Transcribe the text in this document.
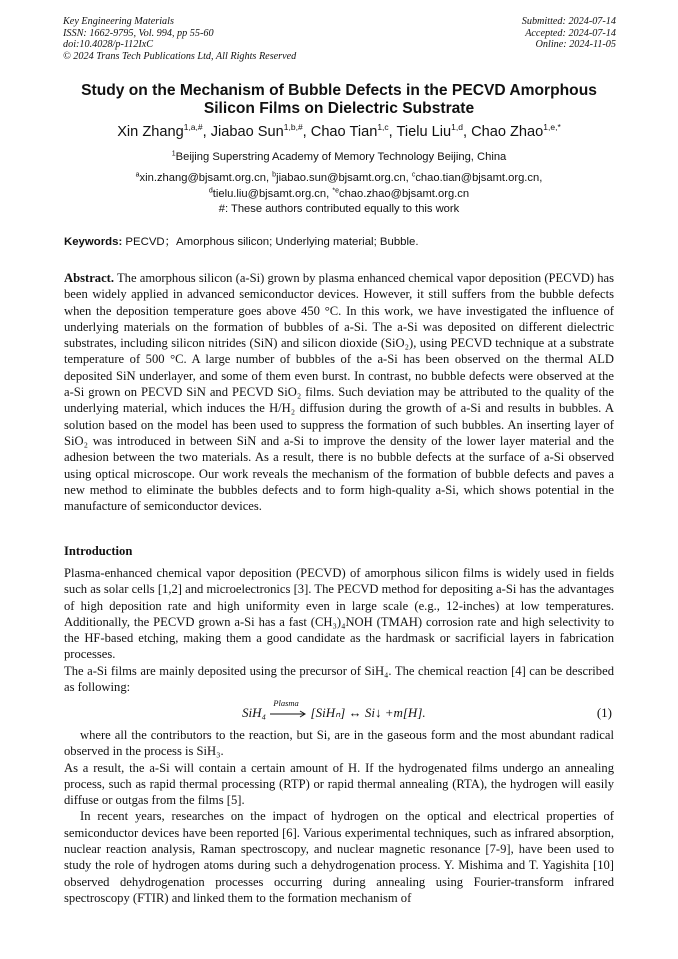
Key Engineering Materials
ISSN: 1662-9795, Vol. 994, pp 55-60
doi:10.4028/p-112IxC
© 2024 Trans Tech Publications Ltd, All Rights Reserved
Submitted: 2024-07-14
Accepted: 2024-07-14
Online: 2024-11-05
Study on the Mechanism of Bubble Defects in the PECVD Amorphous
Silicon Films on Dielectric Substrate
Xin Zhang$^{1,a,\#}$, Jiabao Sun$^{1,b,\#}$, Chao Tian$^{1,c}$, Tielu Liu$^{1,d}$, Chao Zhao$^{1,e,*}$
$^1$Beijing Superstring Academy of Memory Technology Beijing, China
$^a$xin.zhang@bjsamt.org.cn, $^b$jiabao.sun@bjsamt.org.cn, $^c$chao.tian@bjsamt.org.cn,
$^d$tielu.liu@bjsamt.org.cn, $^{*e}$chao.zhao@bjsamt.org.cn
#: These authors contributed equally to this work
Keywords: PECVD；Amorphous silicon; Underlying material; Bubble.
Abstract. The amorphous silicon (a-Si) grown by plasma enhanced chemical vapor deposition (PECVD) has been widely applied in advanced semiconductor devices. However, it still suffers from the bubble defects when the deposition temperature goes above 450 °C. In this work, we have investigated the influence of underlying materials on the formation of bubbles of a-Si. The a-Si was deposited on different dielectric substrates, including silicon nitrides (SiN) and silicon dioxide (SiO₂), using PECVD technique at a substrate temperature of 500 °C. A large number of bubbles of the a-Si has been observed on the thermal ALD deposited SiN underlayer, and some of them even burst. In contrast, no bubble defects were observed at the a-Si grown on PECVD SiN and PECVD SiO₂ films. Such deviation may be attributed to the quality of the underlying material, which induces the H/H₂ diffusion during the growth of a-Si and results in bubbles. A solution based on the model has been used to suppress the formation of such bubbles. An inserting layer of SiO₂ was introduced in between SiN and a-Si to improve the density of the lower layer material and the adhesion between the two materials. As a result, there is no bubble defects at the surface of a-Si observed using optical microscope. Our work reveals the mechanism of the formation of bubble defects and paves a new method to eliminate the bubbles defects and to form high-quality a-Si, which shows potential in the manufacture of semiconductor devices.
Introduction

Plasma-enhanced chemical vapor deposition (PECVD) of amorphous silicon films is widely used in fields such as solar cells [1,2] and microelectronics [3]. The PECVD method for depositing a-Si has the advantages of high deposition rate and high uniformity even in large scale (e.g., 12-inches) at low temperatures. Additionally, the PECVD grown a-Si has a fast (CH₃)₄NOH (TMAH) corrosion rate and high selectivity to the HF-based etching, making them a good candidate as the hardmask or sacrificial layers in fabrication processes.

The a-Si films are mainly deposited using the precursor of SiH₄. The chemical reaction [4] can be described as following:

SiH₄
Plasma
[SiHₙ] ↔ Si↓ +m[H].	(1)

where all the contributors to the reaction, but Si, are in the gaseous form and the most abundant radical observed in the process is SiH₃.

As a result, the a-Si will contain a certain amount of H. If the hydrogenated films undergo an annealing process, such as rapid thermal processing (RTP) or rapid thermal annealing (RTA), the hydrogen will easily diffuse or outgas from the films [5].

In recent years, researches on the impact of hydrogen on the optical and electrical properties of semiconductor devices have been reported [6]. Various experimental techniques, such as infrared absorption, nuclear reaction analysis, Raman spectroscopy, and nuclear magnetic resonance [7-9], have been used to study the role of hydrogen atoms during such a dehydrogenation process. Y. Mishima and T. Yagishita [10] observed dehydrogenation processes occurring during annealing using Fourier-transform infrared spectroscopy (FTIR) and linked them to the formation mechanism of
